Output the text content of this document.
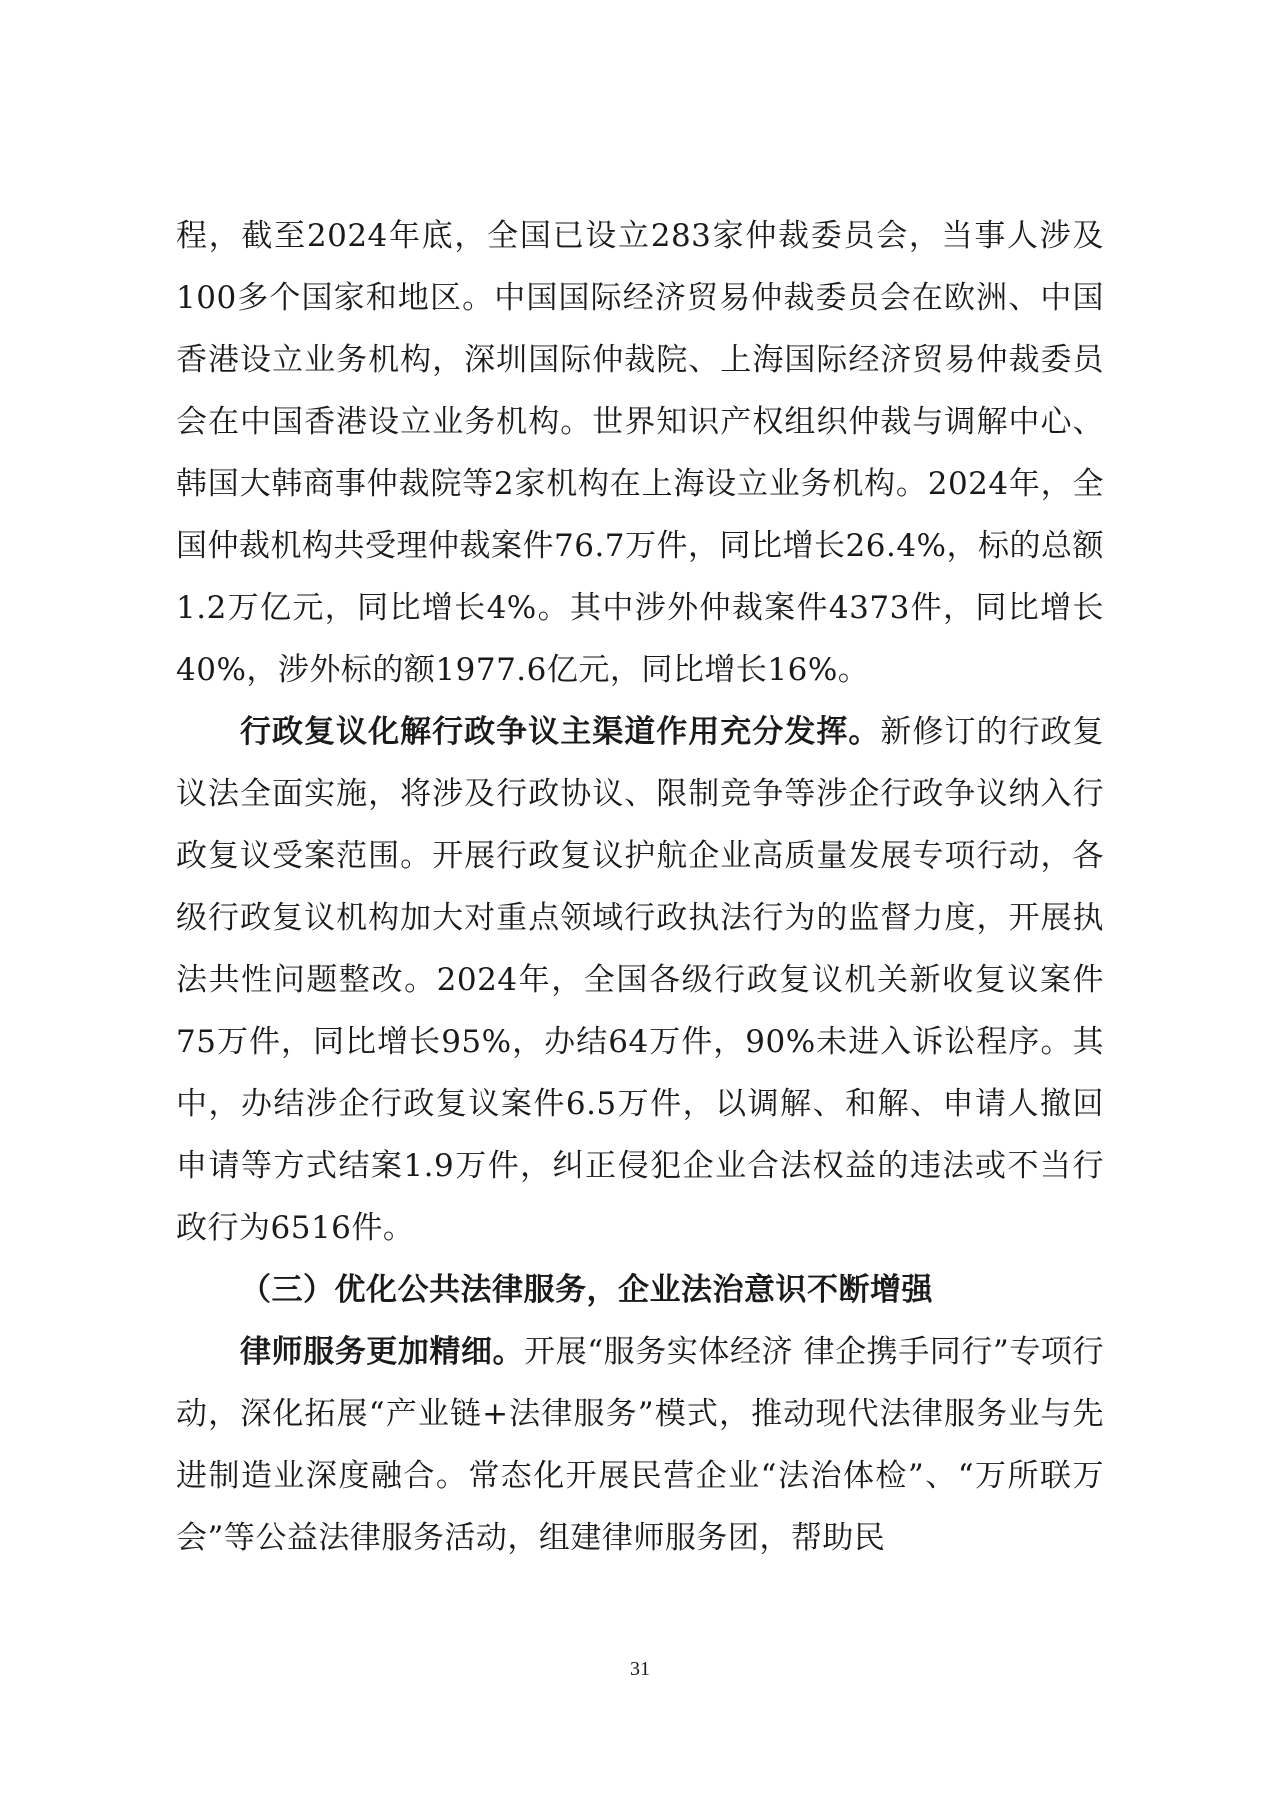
程，截至2024年底，全国已设立283家仲裁委员会，当事人涉及100多个国家和地区。中国国际经济贸易仲裁委员会在欧洲、中国香港设立业务机构，深圳国际仲裁院、上海国际经济贸易仲裁委员会在中国香港设立业务机构。世界知识产权组织仲裁与调解中心、韩国大韩商事仲裁院等2家机构在上海设立业务机构。2024年，全国仲裁机构共受理仲裁案件76.7万件，同比增长26.4%，标的总额1.2万亿元，同比增长4%。其中涉外仲裁案件4373件，同比增长40%，涉外标的额1977.6亿元，同比增长16%。

行政复议化解行政争议主渠道作用充分发挥。新修订的行政复议法全面实施，将涉及行政协议、限制竞争等涉企行政争议纳入行政复议受案范围。开展行政复议护航企业高质量发展专项行动，各级行政复议机构加大对重点领域行政执法行为的监督力度，开展执法共性问题整改。2024年，全国各级行政复议机关新收复议案件75万件，同比增长95%，办结64万件，90%未进入诉讼程序。其中，办结涉企行政复议案件6.5万件，以调解、和解、申请人撤回申请等方式结案1.9万件，纠正侵犯企业合法权益的违法或不当行政行为6516件。

（三）优化公共法律服务，企业法治意识不断增强

律师服务更加精细。开展“服务实体经济 律企携手同行”专项行动，深化拓展“产业链+法律服务”模式，推动现代法律服务业与先进制造业深度融合。常态化开展民营企业“法治体检”、“万所联万会”等公益法律服务活动，组建律师服务团，帮助民

31
